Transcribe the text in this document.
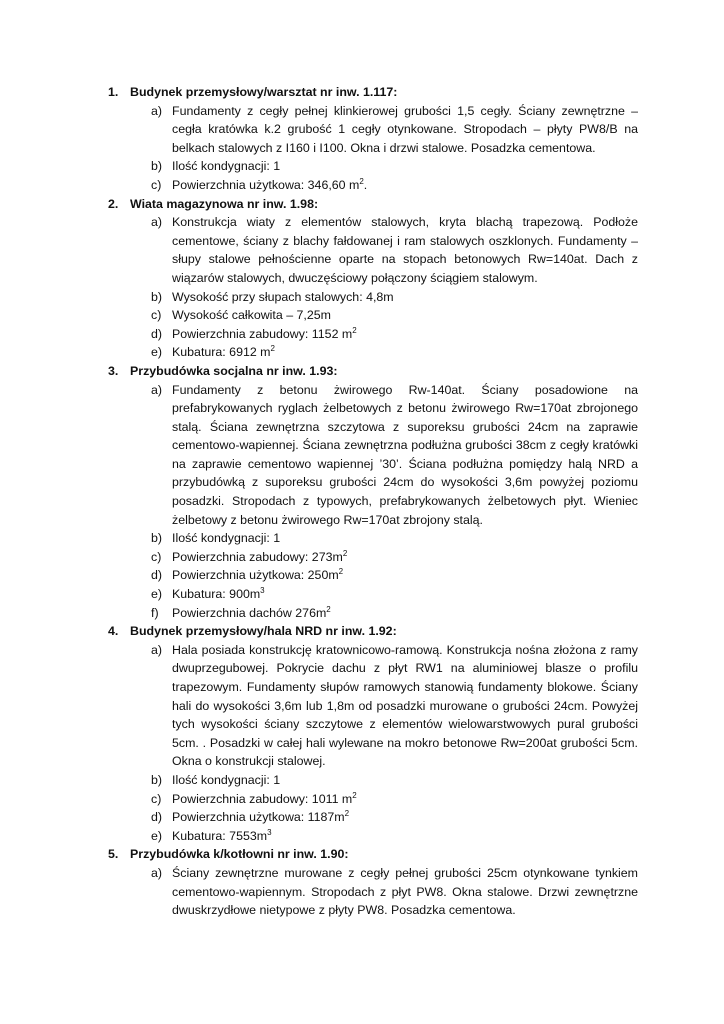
1. Budynek przemysłowy/warsztat nr inw. 1.117:
a) Fundamenty z cegły pełnej klinkierowej grubości 1,5 cegły. Ściany zewnętrzne – cegła kratówka k.2 grubość 1 cegły otynkowane. Stropodach – płyty PW8/B na belkach stalowych z I160 i I100. Okna i drzwi stalowe. Posadzka cementowa.
b) Ilość kondygnacji: 1
c) Powierzchnia użytkowa: 346,60 $m^2$.
2. Wiata magazynowa nr inw. 1.98:
a) Konstrukcja wiaty z elementów stalowych, kryta blachą trapezową. Podłoże cementowe, ściany z blachy fałdowanej i ram stalowych oszklonych. Fundamenty – słupy stalowe pełnościenne oparte na stopach betonowych Rw=140at. Dach z wiązarów stalowych, dwuczęściowy połączony ściągiem stalowym.
b) Wysokość przy słupach stalowych: 4,8m
c) Wysokość całkowita – 7,25m
d) Powierzchnia zabudowy: 1152 $m^2$
e) Kubatura: 6912 $m^2$
3. Przybudówka socjalna nr inw. 1.93:
a) Fundamenty z betonu żwirowego Rw-140at. Ściany posadowione na prefabrykowanych ryglach żelbetowych z betonu żwirowego Rw=170at zbrojonego stalą. Ściana zewnętrzna szczytowa z suporeksu grubości 24cm na zaprawie cementowo-wapiennej. Ściana zewnętrzna podłużna grubości 38cm z cegły kratówki na zaprawie cementowo wapiennej ’30’. Ściana podłużna pomiędzy halą NRD a przybudówką z suporeksu grubości 24cm do wysokości 3,6m powyżej poziomu posadzki. Stropodach z typowych, prefabrykowanych żelbetowych płyt. Wieniec żelbetowy z betonu żwirowego Rw=170at zbrojony stalą.
b) Ilość kondygnacji: 1
c) Powierzchnia zabudowy: $273m^2$
d) Powierzchnia użytkowa: $250m^2$
e) Kubatura: $900m^3$
f) Powierzchnia dachów $276m^2$
4. Budynek przemysłowy/hala NRD nr inw. 1.92:
a) Hala posiada konstrukcję kratownicowo-ramową. Konstrukcja nośna złożona z ramy dwuprzegubowej. Pokrycie dachu z płyt RW1 na aluminiowej blasze o profilu trapezowym. Fundamenty słupów ramowych stanowią fundamenty blokowe. Ściany hali do wysokości 3,6m lub 1,8m od posadzki murowane o grubości 24cm. Powyżej tych wysokości ściany szczytowe z elementów wielowarstwowych pural grubości 5cm. . Posadzki w całej hali wylewane na mokro betonowe Rw=200at grubości 5cm. Okna o konstrukcji stalowej.
b) Ilość kondygnacji: 1
c) Powierzchnia zabudowy: 1011 $m^2$
d) Powierzchnia użytkowa: $1187m^2$
e) Kubatura: $7553m^3$
5. Przybudówka k/kotłowni nr inw. 1.90:
a) Ściany zewnętrzne murowane z cegły pełnej grubości 25cm otynkowane tynkiem cementowo-wapiennym. Stropodach z płyt PW8. Okna stalowe. Drzwi zewnętrzne dwuskrzydłowe nietypowe z płyty PW8. Posadzka cementowa.
